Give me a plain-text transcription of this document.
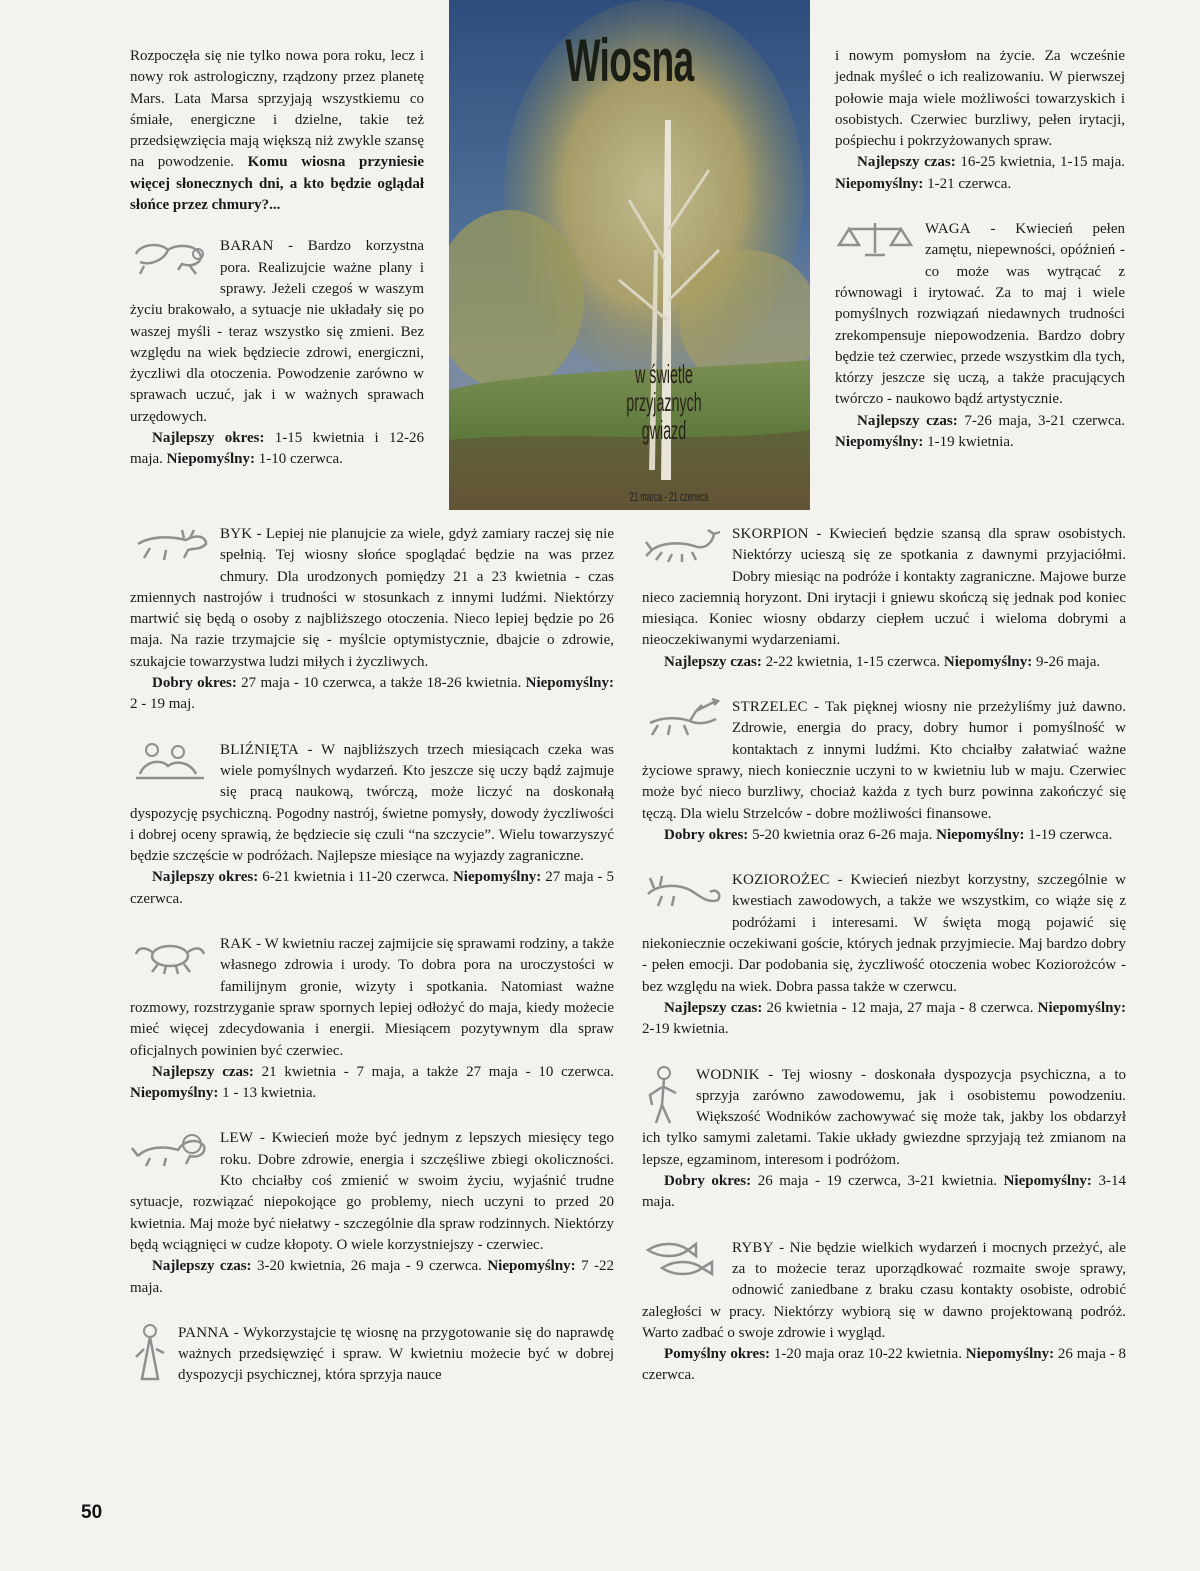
Wiosna
w świetle
przyjaznych
gwiazd
21 marca - 21 czerwca

Rozpoczęła się nie tylko nowa pora roku, lecz i nowy rok astrologiczny, rządzony przez planetę Mars. Lata Marsa sprzyjają wszystkiemu co śmiałe, energiczne i dzielne, takie też przedsięwzięcia mają większą niż zwykle szansę na powodzenie. Komu wiosna przyniesie więcej słonecznych dni, a kto będzie oglądał słońce przez chmury?...

BARAN - Bardzo korzystna pora. Realizujcie ważne plany i sprawy. Jeżeli czegoś w waszym życiu brakowało, a sytuacje nie układały się po waszej myśli - teraz wszystko się zmieni. Bez względu na wiek będziecie zdrowi, energiczni, życzliwi dla otoczenia. Powodzenie zarówno w sprawach uczuć, jak i w ważnych sprawach urzędowych.

Najlepszy okres: 1-15 kwietnia i 12-26 maja. Niepomyślny: 1-10 czerwca.

BYK - Lepiej nie planujcie za wiele, gdyż zamiary raczej się nie spełnią. Tej wiosny słońce spoglądać będzie na was przez chmury. Dla urodzonych pomiędzy 21 a 23 kwietnia - czas zmiennych nastrojów i trudności w stosunkach z innymi ludźmi. Niektórzy martwić się będą o osoby z najbliższego otoczenia. Nieco lepiej będzie po 26 maja. Na razie trzymajcie się - myślcie optymistycznie, dbajcie o zdrowie, szukajcie towarzystwa ludzi miłych i życzliwych.

Dobry okres: 27 maja - 10 czerwca, a także 18-26 kwietnia. Niepomyślny: 2 - 19 maj.

BLIŹNIĘTA - W najbliższych trzech miesiącach czeka was wiele pomyślnych wydarzeń. Kto jeszcze się uczy bądź zajmuje się pracą naukową, twórczą, może liczyć na doskonałą dyspozycję psychiczną. Pogodny nastrój, świetne pomysły, dowody życzliwości i dobrej oceny sprawią, że będziecie się czuli “na szczycie”. Wielu towarzyszyć będzie szczęście w podróżach. Najlepsze miesiące na wyjazdy zagraniczne.

Najlepszy okres: 6-21 kwietnia i 11-20 czerwca. Niepomyślny: 27 maja - 5 czerwca.

RAK - W kwietniu raczej zajmijcie się sprawami rodziny, a także własnego zdrowia i urody. To dobra pora na uroczystości w familijnym gronie, wizyty i spotkania. Natomiast ważne rozmowy, rozstrzyganie spraw spornych lepiej odłożyć do maja, kiedy możecie mieć więcej zdecydowania i energii. Miesiącem pozytywnym dla spraw oficjalnych powinien być czerwiec.

Najlepszy czas: 21 kwietnia - 7 maja, a także 27 maja - 10 czerwca. Niepomyślny: 1 - 13 kwietnia.

LEW - Kwiecień może być jednym z lepszych miesięcy tego roku. Dobre zdrowie, energia i szczęśliwe zbiegi okoliczności. Kto chciałby coś zmienić w swoim życiu, wyjaśnić trudne sytuacje, rozwiązać niepokojące go problemy, niech uczyni to przed 20 kwietnia. Maj może być niełatwy - szczególnie dla spraw rodzinnych. Niektórzy będą wciągnięci w cudze kłopoty. O wiele korzystniejszy - czerwiec.

Najlepszy czas: 3-20 kwietnia, 26 maja - 9 czerwca. Niepomyślny: 7 -22 maja.

PANNA - Wykorzystajcie tę wiosnę na przygotowanie się do naprawdę ważnych przedsięwzięć i spraw. W kwietniu możecie być w dobrej dyspozycji psychicznej, która sprzyja nauce

i nowym pomysłom na życie. Za wcześnie jednak myśleć o ich realizowaniu. W pierwszej połowie maja wiele możliwości towarzyskich i osobistych. Czerwiec burzliwy, pełen irytacji, pośpiechu i pokrzyżowanych spraw.

Najlepszy czas: 16-25 kwietnia, 1-15 maja. Niepomyślny: 1-21 czerwca.

WAGA - Kwiecień pełen zamętu, niepewności, opóźnień - co może was wytrącać z równowagi i irytować. Za to maj i wiele pomyślnych rozwiązań niedawnych trudności zrekompensuje niepowodzenia. Bardzo dobry będzie też czerwiec, przede wszystkim dla tych, którzy jeszcze się uczą, a także pracujących twórczo - naukowo bądź artystycznie.

Najlepszy czas: 7-26 maja, 3-21 czerwca. Niepomyślny: 1-19 kwietnia.

SKORPION - Kwiecień będzie szansą dla spraw osobistych. Niektórzy ucieszą się ze spotkania z dawnymi przyjaciółmi. Dobry miesiąc na podróże i kontakty zagraniczne. Majowe burze nieco zaciemnią horyzont. Dni irytacji i gniewu skończą się jednak pod koniec miesiąca. Koniec wiosny obdarzy ciepłem uczuć i wieloma dobrymi a nieoczekiwanymi wydarzeniami.

Najlepszy czas: 2-22 kwietnia, 1-15 czerwca. Niepomyślny: 9-26 maja.

STRZELEC - Tak pięknej wiosny nie przeżyliśmy już dawno. Zdrowie, energia do pracy, dobry humor i pomyślność w kontaktach z innymi ludźmi. Kto chciałby załatwiać ważne życiowe sprawy, niech koniecznie uczyni to w kwietniu lub w maju. Czerwiec może być nieco burzliwy, chociaż każda z tych burz powinna zakończyć się tęczą. Dla wielu Strzelców - dobre możliwości finansowe.

Dobry okres: 5-20 kwietnia oraz 6-26 maja. Niepomyślny: 1-19 czerwca.

KOZIOROŻEC - Kwiecień niezbyt korzystny, szczególnie w kwestiach zawodowych, a także we wszystkim, co wiąże się z podróżami i interesami. W święta mogą pojawić się niekoniecznie oczekiwani goście, których jednak przyjmiecie. Maj bardzo dobry - pełen emocji. Dar podobania się, życzliwość otoczenia wobec Koziorożców - bez względu na wiek. Dobra passa także w czerwcu.

Najlepszy czas: 26 kwietnia - 12 maja, 27 maja - 8 czerwca. Niepomyślny: 2-19 kwietnia.

WODNIK - Tej wiosny - doskonała dyspozycja psychiczna, a to sprzyja zarówno zawodowemu, jak i osobistemu powodzeniu. Większość Wodników zachowywać się może tak, jakby los obdarzył ich tylko samymi zaletami. Takie układy gwiezdne sprzyjają też zmianom na lepsze, egzaminom, interesom i podróżom.

Dobry okres: 26 maja - 19 czerwca, 3-21 kwietnia. Niepomyślny: 3-14 maja.

RYBY - Nie będzie wielkich wydarzeń i mocnych przeżyć, ale za to możecie teraz uporządkować rozmaite swoje sprawy, odnowić zaniedbane z braku czasu kontakty osobiste, odrobić zaległości w pracy. Niektórzy wybiorą się w dawno projektowaną podróż. Warto zadbać o swoje zdrowie i wygląd.

Pomyślny okres: 1-20 maja oraz 10-22 kwietnia. Niepomyślny: 26 maja - 8 czerwca.

50
